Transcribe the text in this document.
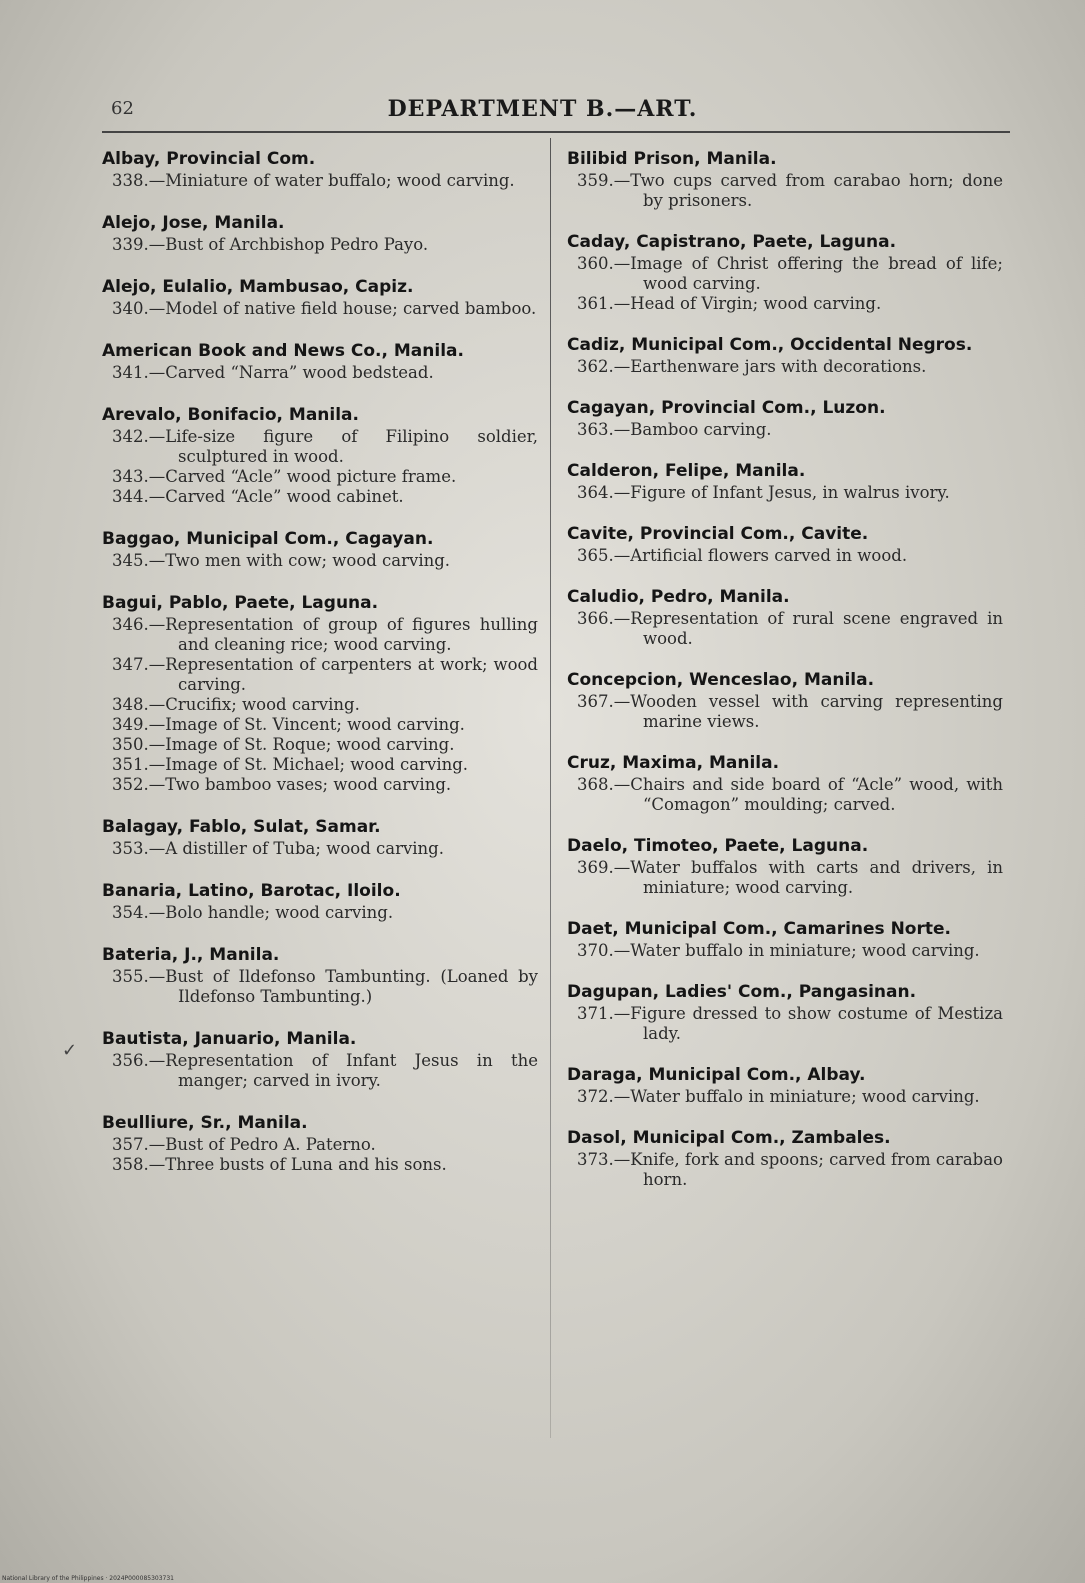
62	DEPARTMENT B.—ART.
Albay, Provincial Com.
338.—Miniature of water buffalo; wood carving.
Alejo, Jose, Manila.
339.—Bust of Archbishop Pedro Payo.
Alejo, Eulalio, Mambusao, Capiz.
340.—Model of native field house; carved bamboo.
American Book and News Co., Manila.
341.—Carved “Narra” wood bedstead.
Arevalo, Bonifacio, Manila.
342.—Life-size figure of Filipino soldier, sculptured in wood.
343.—Carved “Acle” wood picture frame.
344.—Carved “Acle” wood cabinet.
Baggao, Municipal Com., Cagayan.
345.—Two men with cow; wood carving.
Bagui, Pablo, Paete, Laguna.
346.—Representation of group of figures hulling and cleaning rice; wood carving.
347.—Representation of carpenters at work; wood carving.
348.—Crucifix; wood carving.
349.—Image of St. Vincent; wood carving.
350.—Image of St. Roque; wood carving.
351.—Image of St. Michael; wood carving.
352.—Two bamboo vases; wood carving.
Balagay, Fablo, Sulat, Samar.
353.—A distiller of Tuba; wood carving.
Banaria, Latino, Barotac, Iloilo.
354.—Bolo handle; wood carving.
Bateria, J., Manila.
355.—Bust of Ildefonso Tambunting. (Loaned by Ildefonso Tambunting.)
Bautista, Januario, Manila.
356.—Representation of Infant Jesus in the manger; carved in ivory.
Beulliure, Sr., Manila.
357.—Bust of Pedro A. Paterno.
358.—Three busts of Luna and his sons.
Bilibid Prison, Manila.
359.—Two cups carved from carabao horn; done by prisoners.
Caday, Capistrano, Paete, Laguna.
360.—Image of Christ offering the bread of life; wood carving.
361.—Head of Virgin; wood carving.
Cadiz, Municipal Com., Occidental Negros.
362.—Earthenware jars with decorations.
Cagayan, Provincial Com., Luzon.
363.—Bamboo carving.
Calderon, Felipe, Manila.
364.—Figure of Infant Jesus, in walrus ivory.
Cavite, Provincial Com., Cavite.
365.—Artificial flowers carved in wood.
Caludio, Pedro, Manila.
366.—Representation of rural scene engraved in wood.
Concepcion, Wenceslao, Manila.
367.—Wooden vessel with carving representing marine views.
Cruz, Maxima, Manila.
368.—Chairs and side board of “Acle” wood, with “Comagon” moulding; carved.
Daelo, Timoteo, Paete, Laguna.
369.—Water buffalos with carts and drivers, in miniature; wood carving.
Daet, Municipal Com., Camarines Norte.
370.—Water buffalo in miniature; wood carving.
Dagupan, Ladies' Com., Pangasinan.
371.—Figure dressed to show costume of Mestiza lady.
Daraga, Municipal Com., Albay.
372.—Water buffalo in miniature; wood carving.
Dasol, Municipal Com., Zambales.
373.—Knife, fork and spoons; carved from carabao horn.
✓
National Library of the Philippines · 2024P000085303731
